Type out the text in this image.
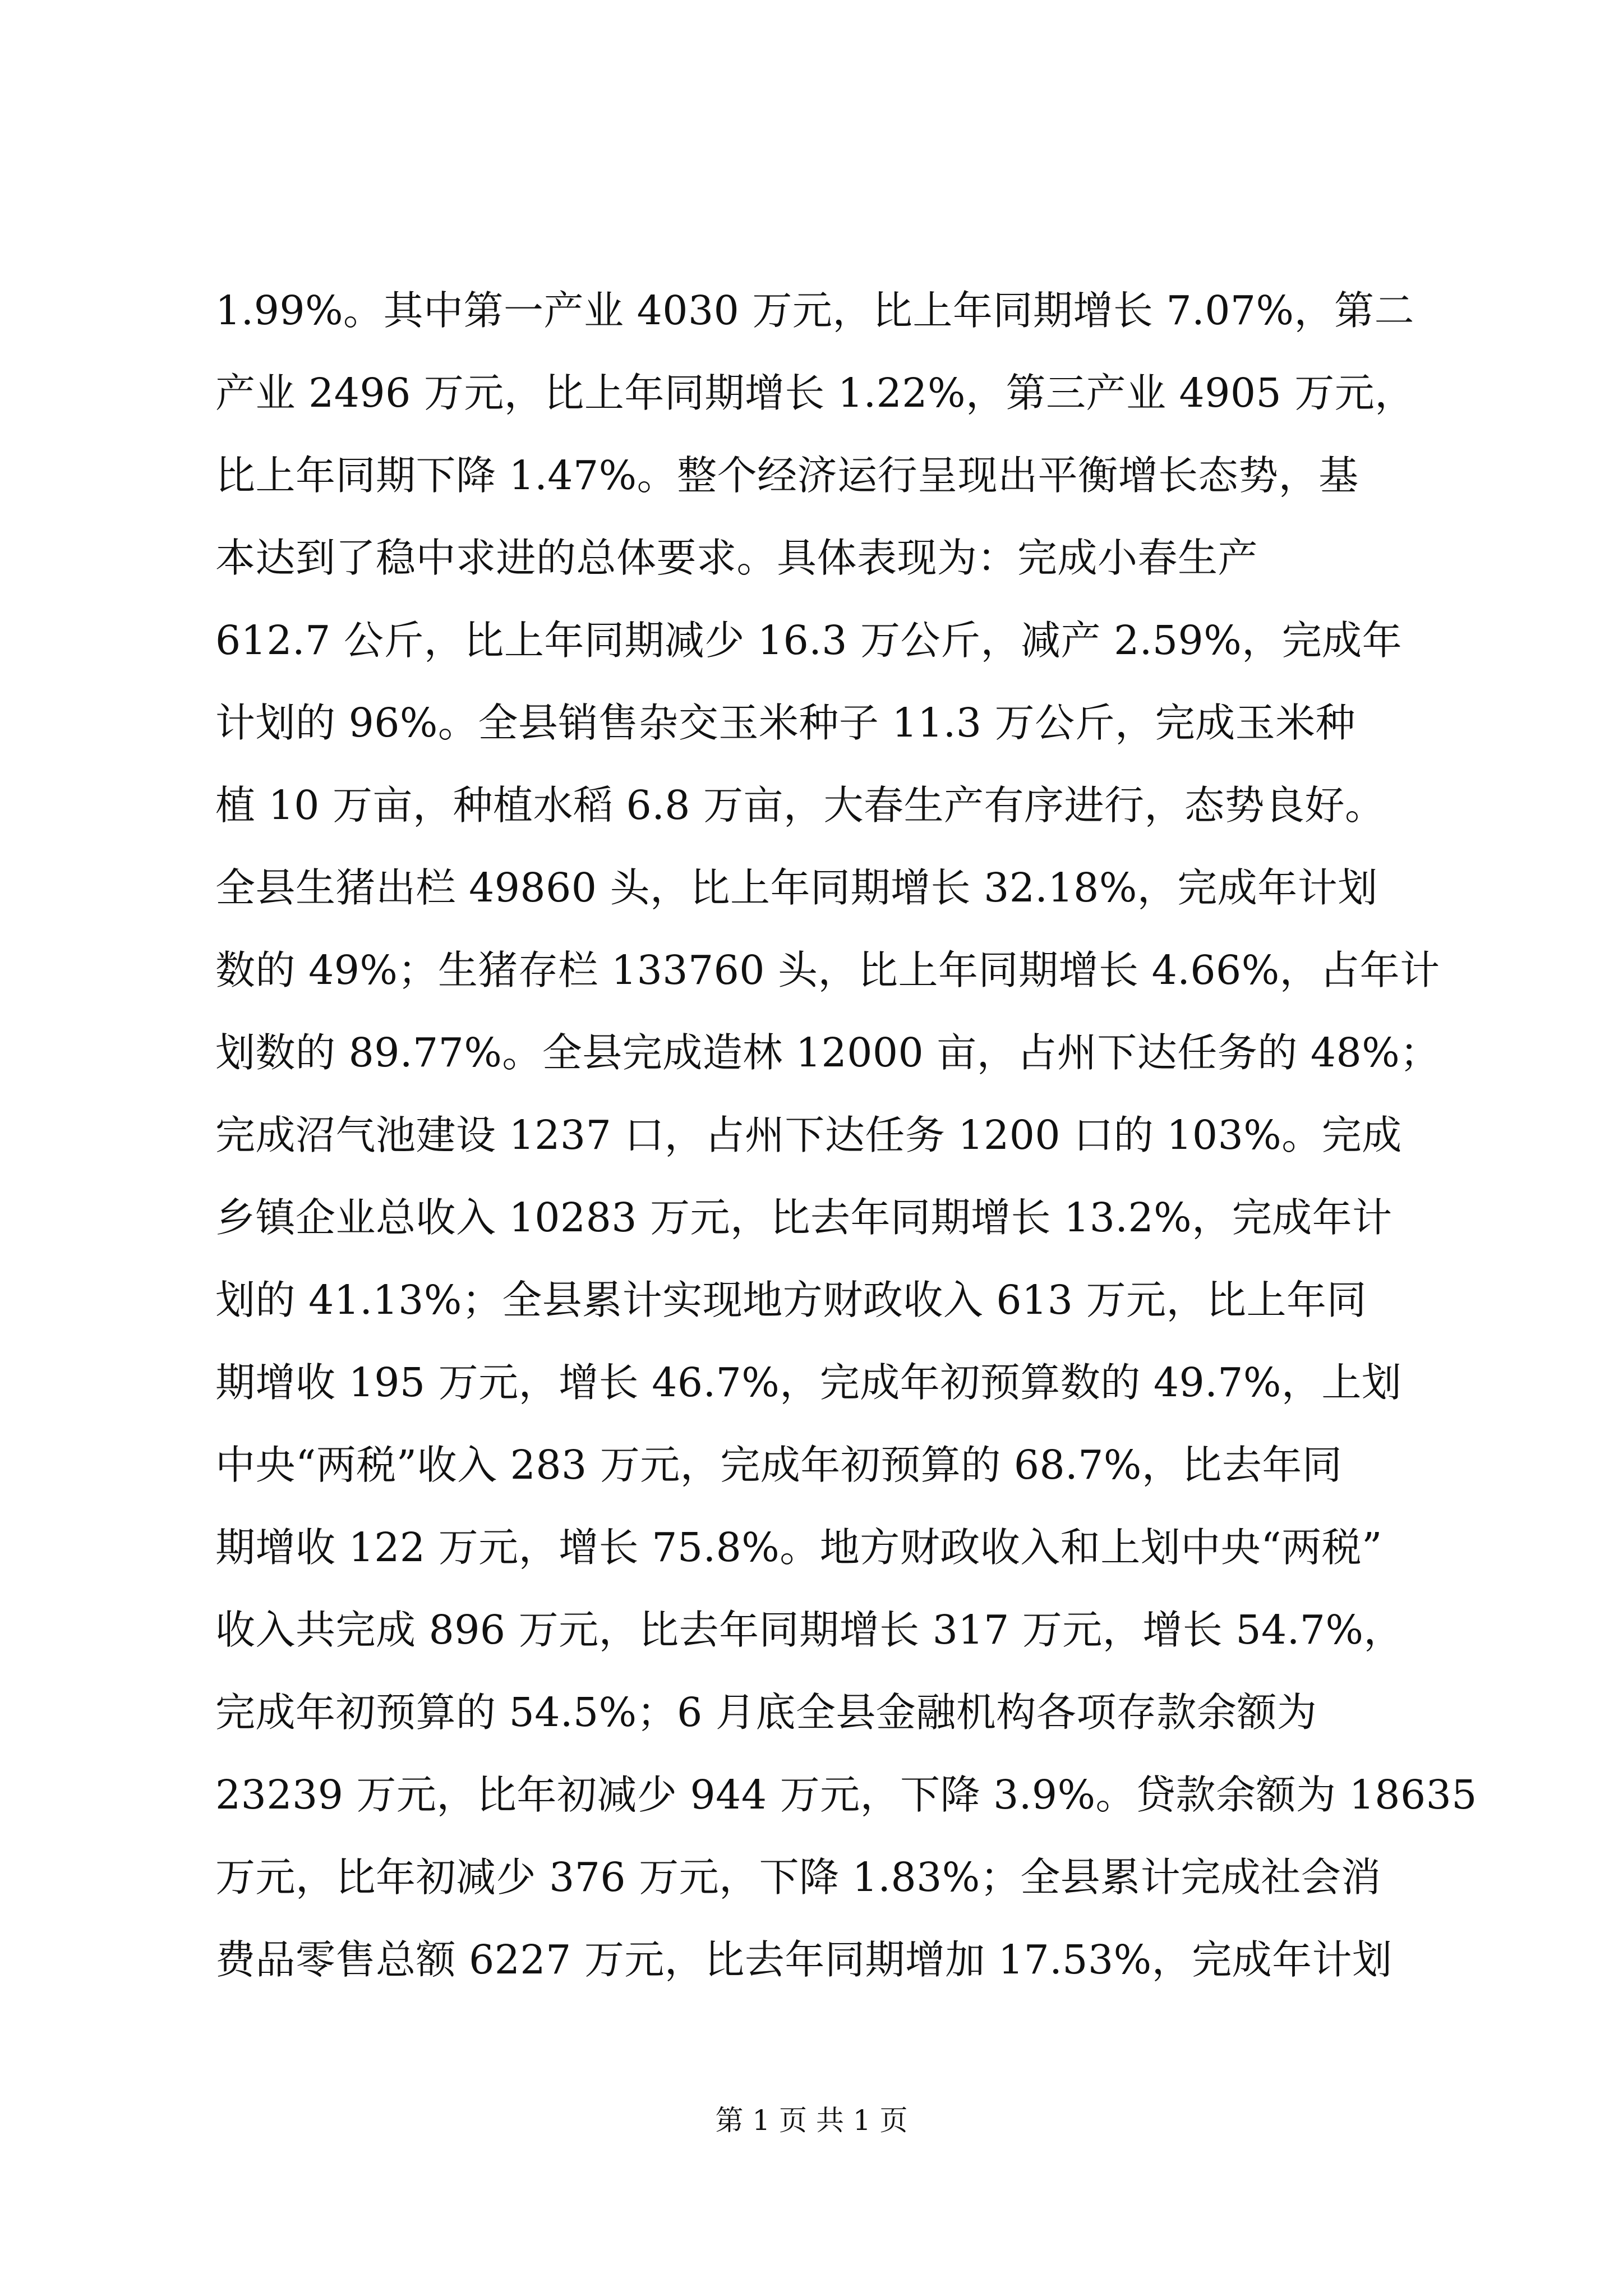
1.99%。其中第一产业 4030 万元，比上年同期增长 7.07%，第二
产业 2496 万元，比上年同期增长 1.22%，第三产业 4905 万元，
比上年同期下降 1.47%。整个经济运行呈现出平衡增长态势，基
本达到了稳中求进的总体要求。具体表现为：完成小春生产
612.7 公斤，比上年同期减少 16.3 万公斤，减产 2.59%，完成年
计划的 96%。全县销售杂交玉米种子 11.3 万公斤，完成玉米种
植 10 万亩，种植水稻 6.8 万亩，大春生产有序进行，态势良好。
全县生猪出栏 49860 头，比上年同期增长 32.18%，完成年计划
数的 49%；生猪存栏 133760 头，比上年同期增长 4.66%，占年计
划数的 89.77%。全县完成造林 12000 亩，占州下达任务的 48%；
完成沼气池建设 1237 口，占州下达任务 1200 口的 103%。完成
乡镇企业总收入 10283 万元，比去年同期增长 13.2%，完成年计
划的 41.13%；全县累计实现地方财政收入 613 万元，比上年同
期增收 195 万元，增长 46.7%，完成年初预算数的 49.7%，上划
中央“两税”收入 283 万元，完成年初预算的 68.7%，比去年同
期增收 122 万元，增长 75.8%。地方财政收入和上划中央“两税”
收入共完成 896 万元，比去年同期增长 317 万元，增长 54.7%，
完成年初预算的 54.5%；6 月底全县金融机构各项存款余额为
23239 万元，比年初减少 944 万元，下降 3.9%。贷款余额为 18635
万元，比年初减少 376 万元，下降 1.83%；全县累计完成社会消
费品零售总额 6227 万元，比去年同期增加 17.53%，完成年计划
第 1 页 共 1 页
